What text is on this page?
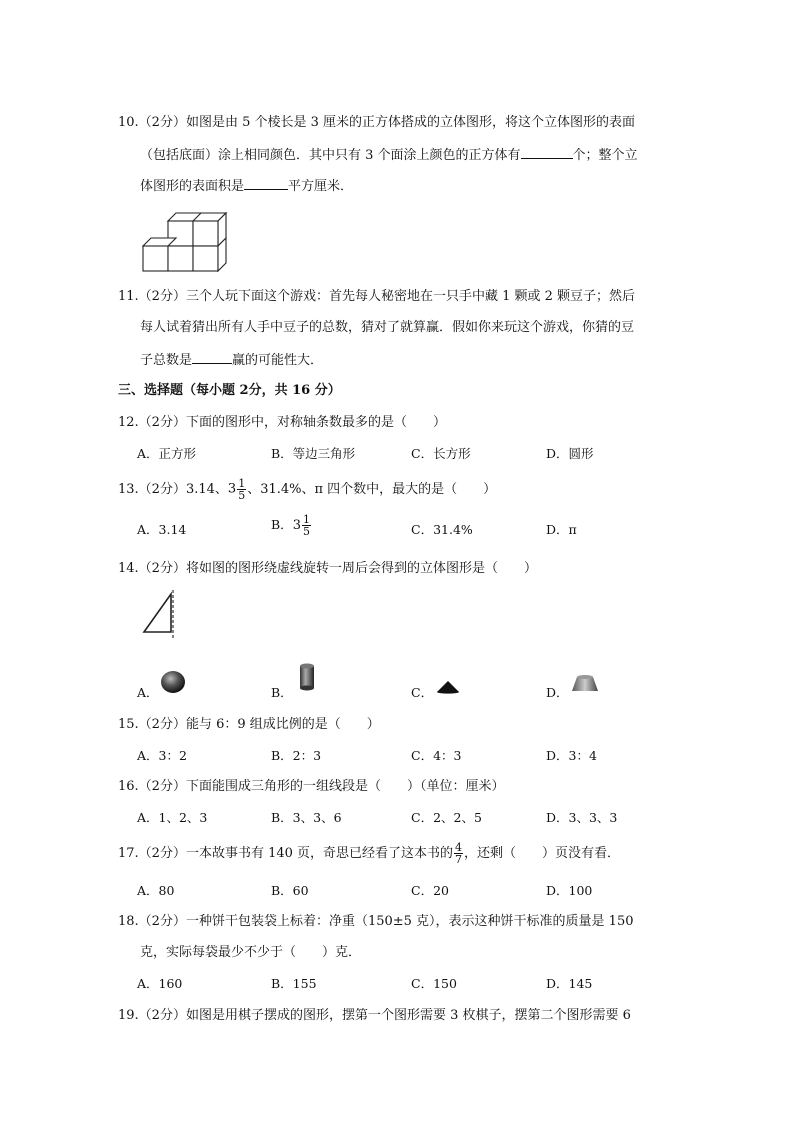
10.（2分）如图是由 5 个棱长是 3 厘米的正方体搭成的立体图形，将这个立体图形的表面
（包括底面）涂上相同颜色．其中只有 3 个面涂上颜色的正方体有	个；整个立
体图形的表面积是	平方厘米．
11.（2分）三个人玩下面这个游戏：首先每人秘密地在一只手中藏 1 颗或 2 颗豆子；然后
每人试着猜出所有人手中豆子的总数，猜对了就算赢．假如你来玩这个游戏，你猜的豆
子总数是	赢的可能性大．
三、选择题（每小题 2分，共 16 分）
12.（2分）下面的图形中，对称轴条数最多的是（　　）
A．正方形	B．等边三角形	C．长方形	D．圆形
13.（2分）3.14、$3 \frac{1}{5}$ 、31.4%、π 四个数中，最大的是（　　）
A．3.14	B．$3 \frac{1}{5}$	C．31.4%	D．π
14.（2分）将如图的图形绕虚线旋转一周后会得到的立体图形是（　　）
A．	B．	C．	D．
15.（2分）能与 6：9 组成比例的是（　　）
A．3：2	B．2：3	C．4：3	D．3：4
16.（2分）下面能围成三角形的一组线段是（　　）（单位：厘米）
A．1、2、3	B．3、3、6	C．2、2、5	D．3、3、3
17.（2分）一本故事书有 140 页，奇思已经看了这本书的 $\frac{4}{7}$ ，还剩（　　）页没有看．
A．80	B．60	C．20	D．100
18.（2分）一种饼干包装袋上标着：净重（150±5 克），表示这种饼干标准的质量是 150
克，实际每袋最少不少于（　　）克．
A．160	B．155	C．150	D．145
19.（2分）如图是用棋子摆成的图形，摆第一个图形需要 3 枚棋子，摆第二个图形需要 6
